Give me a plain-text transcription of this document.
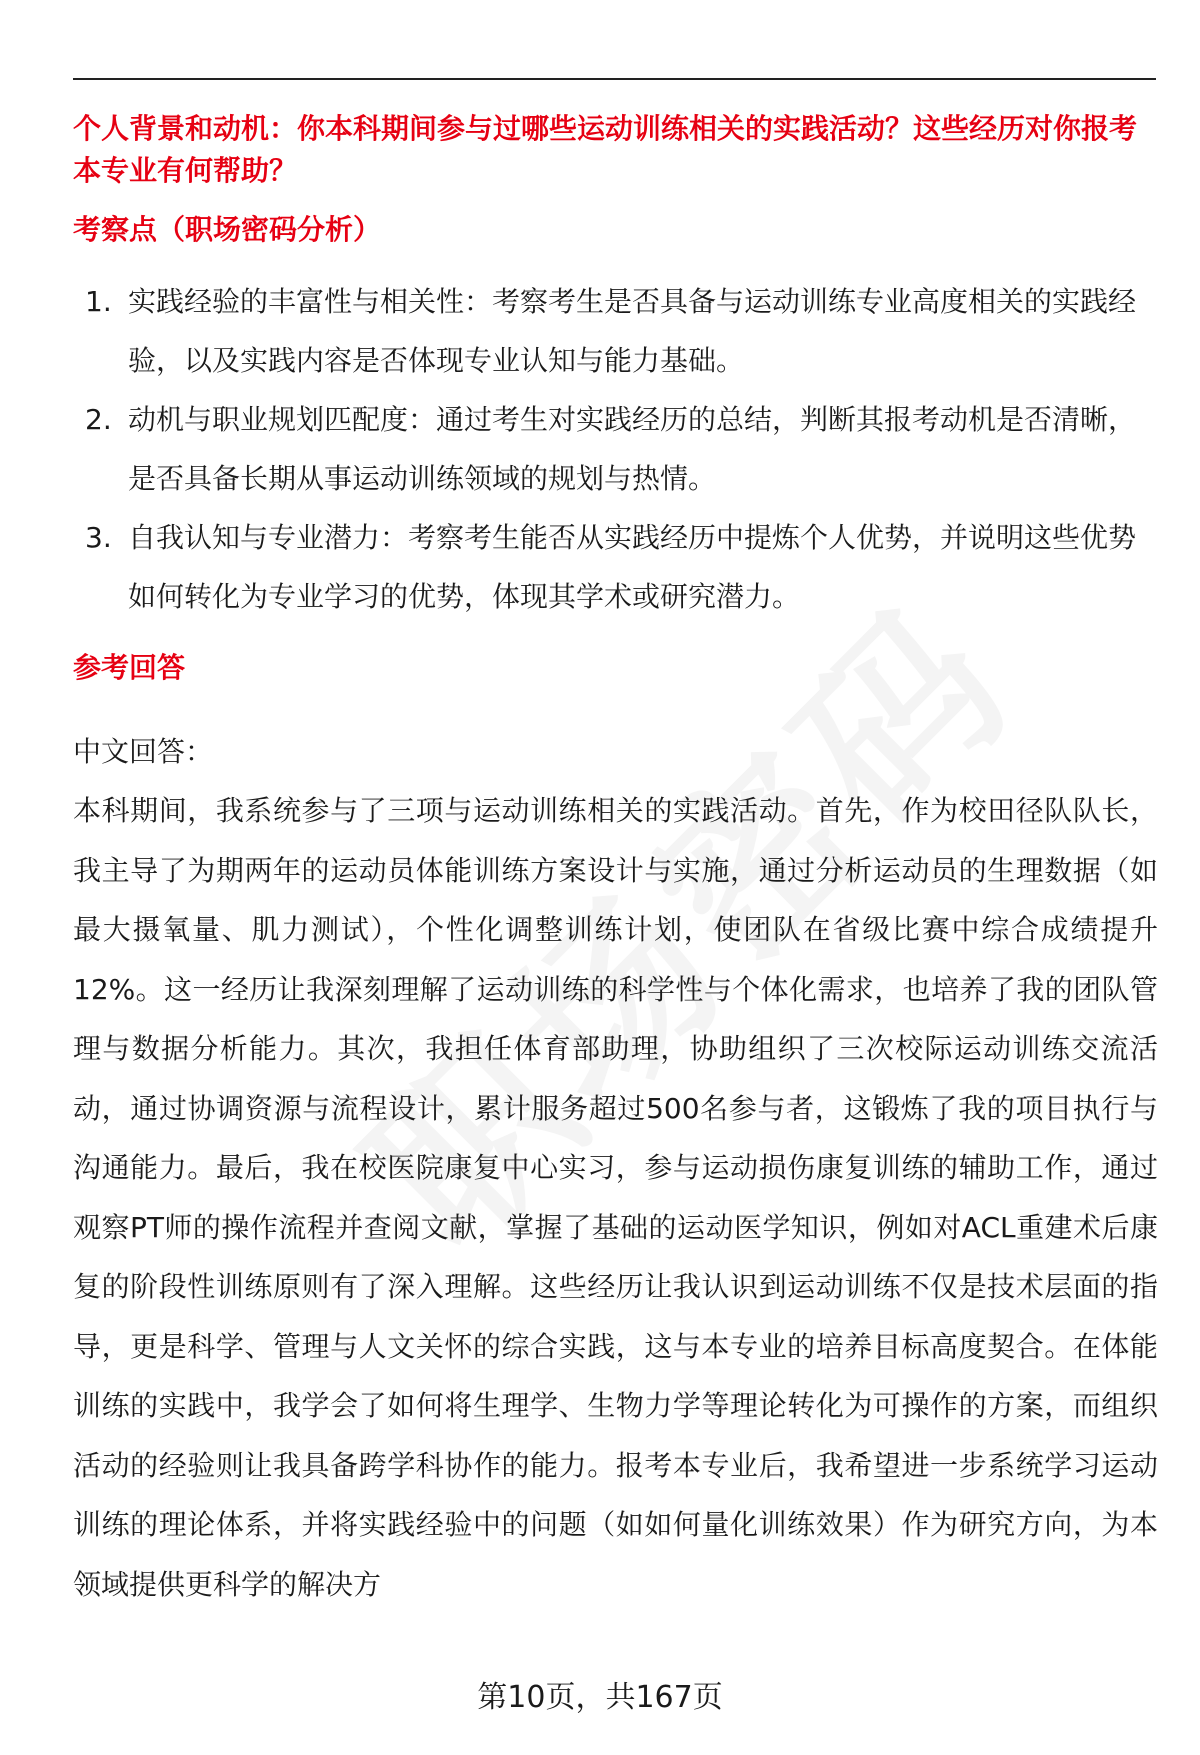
个人背景和动机：你本科期间参与过哪些运动训练相关的实践活动？这些经历对你报考本专业有何帮助？

考察点（职场密码分析）

1. 实践经验的丰富性与相关性：考察考生是否具备与运动训练专业高度相关的实践经验，以及实践内容是否体现专业认知与能力基础。
2. 动机与职业规划匹配度：通过考生对实践经历的总结，判断其报考动机是否清晰，是否具备长期从事运动训练领域的规划与热情。
3. 自我认知与专业潜力：考察考生能否从实践经历中提炼个人优势，并说明这些优势如何转化为专业学习的优势，体现其学术或研究潜力。

参考回答

中文回答：

本科期间，我系统参与了三项与运动训练相关的实践活动。首先，作为校田径队队长，我主导了为期两年的运动员体能训练方案设计与实施，通过分析运动员的生理数据（如最大摄氧量、肌力测试），个性化调整训练计划，使团队在省级比赛中综合成绩提升12%。这一经历让我深刻理解了运动训练的科学性与个体化需求，也培养了我的团队管理与数据分析能力。其次，我担任体育部助理，协助组织了三次校际运动训练交流活动，通过协调资源与流程设计，累计服务超过500名参与者，这锻炼了我的项目执行与沟通能力。最后，我在校医院康复中心实习，参与运动损伤康复训练的辅助工作，通过观察PT师的操作流程并查阅文献，掌握了基础的运动医学知识，例如对ACL重建术后康复的阶段性训练原则有了深入理解。这些经历让我认识到运动训练不仅是技术层面的指导，更是科学、管理与人文关怀的综合实践，这与本专业的培养目标高度契合。在体能训练的实践中，我学会了如何将生理学、生物力学等理论转化为可操作的方案，而组织活动的经验则让我具备跨学科协作的能力。报考本专业后，我希望进一步系统学习运动训练的理论体系，并将实践经验中的问题（如如何量化训练效果）作为研究方向，为本领域提供更科学的解决方

第10页，共167页
